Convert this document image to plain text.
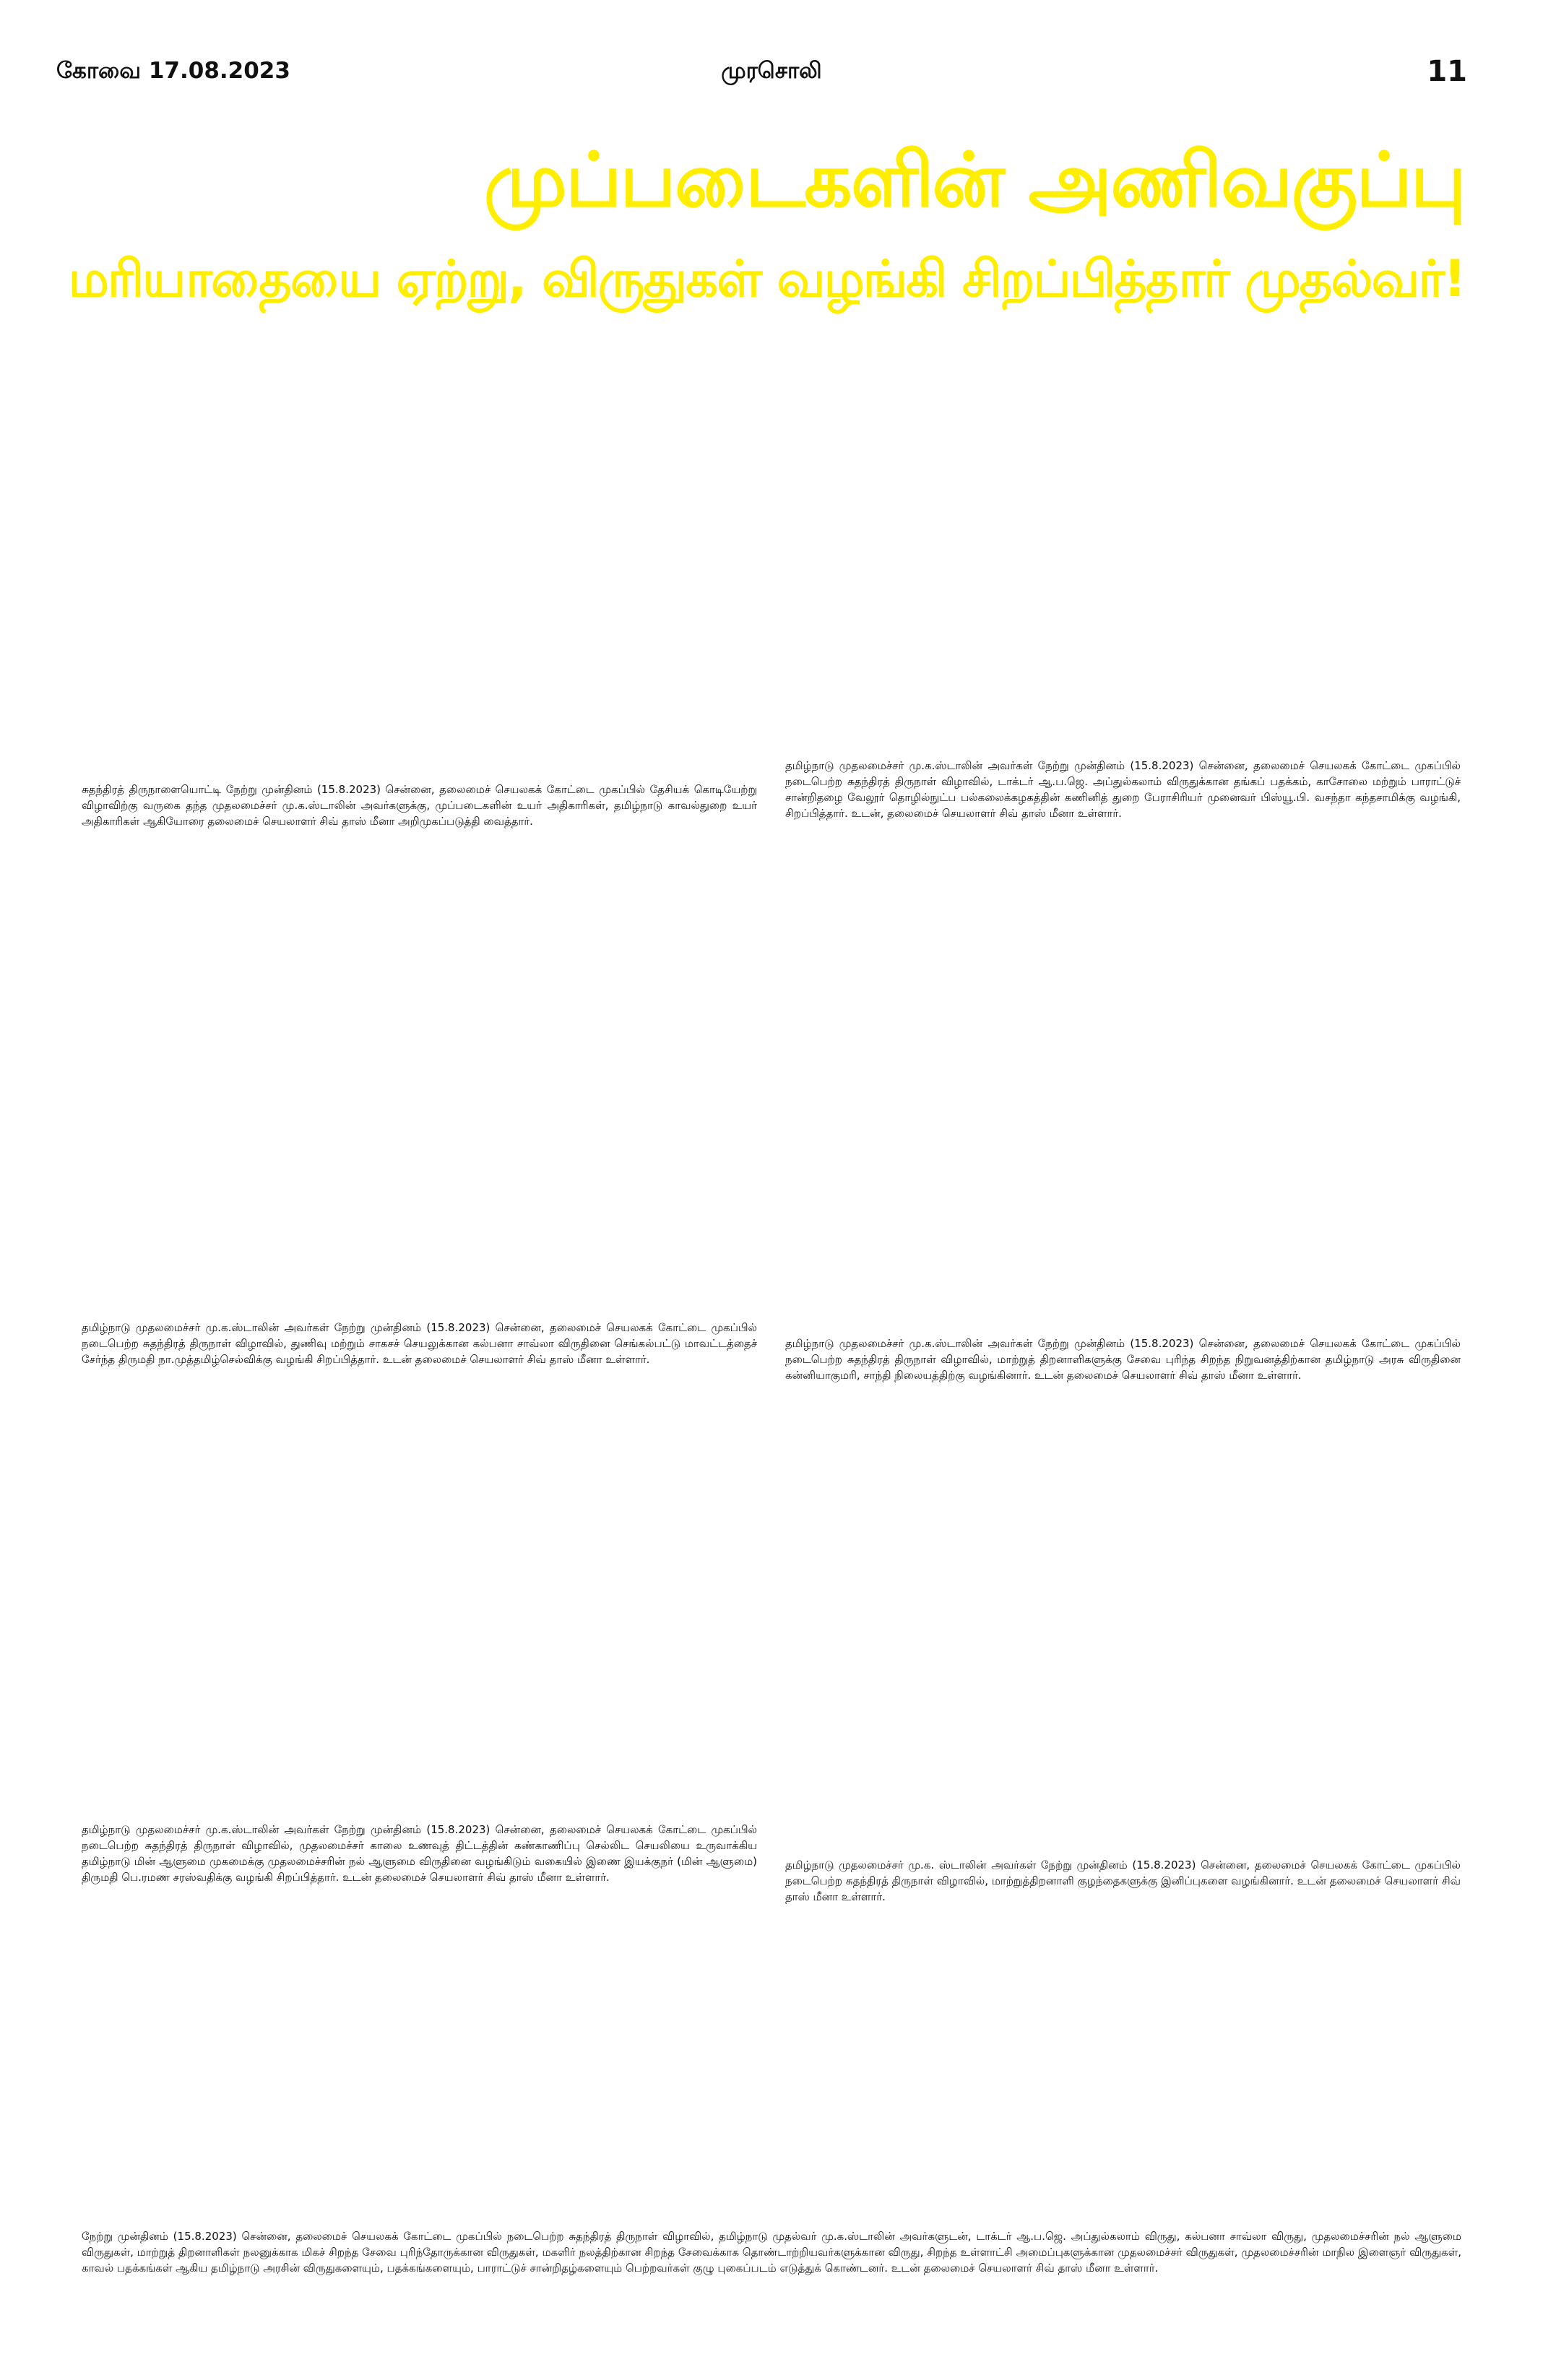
கோவை 17.08.2023	முரசொலி	11
முப்படைகளின் அணிவகுப்பு
மரியாதையை ஏற்று, விருதுகள் வழங்கி சிறப்பித்தார் முதல்வர்!
சுதந்திரத் திருநாளையொட்டி நேற்று முன்தினம் (15.8.2023) சென்னை, தலைமைச் செயலகக் கோட்டை முகப்பில் தேசியக் கொடியேற்று விழாவிற்கு வருகை தந்த முதலமைச்சர் மு.க.ஸ்டாலின் அவர்களுக்கு, முப்படைகளின் உயர் அதிகாரிகள், தமிழ்நாடு காவல்துறை உயர் அதிகாரிகள் ஆகியோரை தலைமைச் செயலாளர் சிவ் தாஸ் மீனா அறிமுகப்படுத்தி வைத்தார்.
தமிழ்நாடு முதலமைச்சர் மு.க.ஸ்டாலின் அவர்கள் நேற்று முன்தினம் (15.8.2023) சென்னை, தலைமைச் செயலகக் கோட்டை முகப்பில் நடைபெற்ற சுதந்திரத் திருநாள் விழாவில், டாக்டர் ஆ.ப.ஜெ. அப்துல்கலாம் விருதுக்கான தங்கப் பதக்கம், காசோலை மற்றும் பாராட்டுச் சான்றிதழை வேலூர் தொழில்நுட்ப பல்கலைக்கழகத்தின் கணினித் துறை பேராசிரியர் முனைவர் பிஸ்யூ.பி. வசந்தா கந்தசாமிக்கு வழங்கி, சிறப்பித்தார். உடன், தலைமைச் செயலாளர் சிவ் தாஸ் மீனா உள்ளார்.
தமிழ்நாடு முதலமைச்சர் மு.க.ஸ்டாலின் அவர்கள் நேற்று முன்தினம் (15.8.2023) சென்னை, தலைமைச் செயலகக் கோட்டை முகப்பில் நடைபெற்ற சுதந்திரத் திருநாள் விழாவில், துணிவு மற்றும் சாகசச் செயலுக்கான கல்பனா சாவ்லா விருதினை செங்கல்பட்டு மாவட்டத்தைச் சேர்ந்த திருமதி நா.முத்தமிழ்செல்விக்கு வழங்கி சிறப்பித்தார். உடன் தலைமைச் செயலாளர் சிவ் தாஸ் மீனா உள்ளார்.
தமிழ்நாடு முதலமைச்சர் மு.க.ஸ்டாலின் அவர்கள் நேற்று முன்தினம் (15.8.2023) சென்னை, தலைமைச் செயலகக் கோட்டை முகப்பில் நடைபெற்ற சுதந்திரத் திருநாள் விழாவில், மாற்றுத் திறனாளிகளுக்கு சேவை புரிந்த சிறந்த நிறுவனத்திற்கான தமிழ்நாடு அரசு விருதினை கன்னியாகுமரி, சாந்தி நிலையத்திற்கு வழங்கினார். உடன் தலைமைச் செயலாளர் சிவ் தாஸ் மீனா உள்ளார்.
தமிழ்நாடு முதலமைச்சர் மு.க.ஸ்டாலின் அவர்கள் நேற்று முன்தினம் (15.8.2023) சென்னை, தலைமைச் செயலகக் கோட்டை முகப்பில் நடைபெற்ற சுதந்திரத் திருநாள் விழாவில், முதலமைச்சர் காலை உணவுத் திட்டத்தின் கண்காணிப்பு செல்லிட செயலியை உருவாக்கிய தமிழ்நாடு மின் ஆளுமை முகமைக்கு முதலமைச்சரின் நல் ஆளுமை விருதினை வழங்கிடும் வகையில் இணை இயக்குநர் (மின் ஆளுமை) திருமதி பெ.ரமண சரஸ்வதிக்கு வழங்கி சிறப்பித்தார். உடன் தலைமைச் செயலாளர் சிவ் தாஸ் மீனா உள்ளார்.
தமிழ்நாடு முதலமைச்சர் மு.க. ஸ்டாலின் அவர்கள் நேற்று முன்தினம் (15.8.2023) சென்னை, தலைமைச் செயலகக் கோட்டை முகப்பில் நடைபெற்ற சுதந்திரத் திருநாள் விழாவில், மாற்றுத்திறனாளி குழந்தைகளுக்கு இனிப்புகளை வழங்கினார். உடன் தலைமைச் செயலாளர் சிவ் தாஸ் மீனா உள்ளார்.
நேற்று முன்தினம் (15.8.2023) சென்னை, தலைமைச் செயலகக் கோட்டை முகப்பில் நடைபெற்ற சுதந்திரத் திருநாள் விழாவில், தமிழ்நாடு முதல்வர் மு.க.ஸ்டாலின் அவர்களுடன், டாக்டர் ஆ.ப.ஜெ. அப்துல்கலாம் விருது, கல்பனா சாவ்லா விருது, முதலமைச்சரின் நல் ஆளுமை விருதுகள், மாற்றுத் திறனாளிகள் நலனுக்காக மிகச் சிறந்த சேவை புரிந்தோருக்கான விருதுகள், மகளிர் நலத்திற்கான சிறந்த சேவைக்காக தொண்டாற்றியவர்களுக்கான விருது, சிறந்த உள்ளாட்சி அமைப்புகளுக்கான முதலமைச்சர் விருதுகள், முதலமைச்சரின் மாநில இளைஞர் விருதுகள், காவல் பதக்கங்கள் ஆகிய தமிழ்நாடு அரசின் விருதுகளையும், பதக்கங்களையும், பாராட்டுச் சான்றிதழ்களையும் பெற்றவர்கள் குழு புகைப்படம் எடுத்துக் கொண்டனர். உடன் தலைமைச் செயலாளர் சிவ் தாஸ் மீனா உள்ளார்.
